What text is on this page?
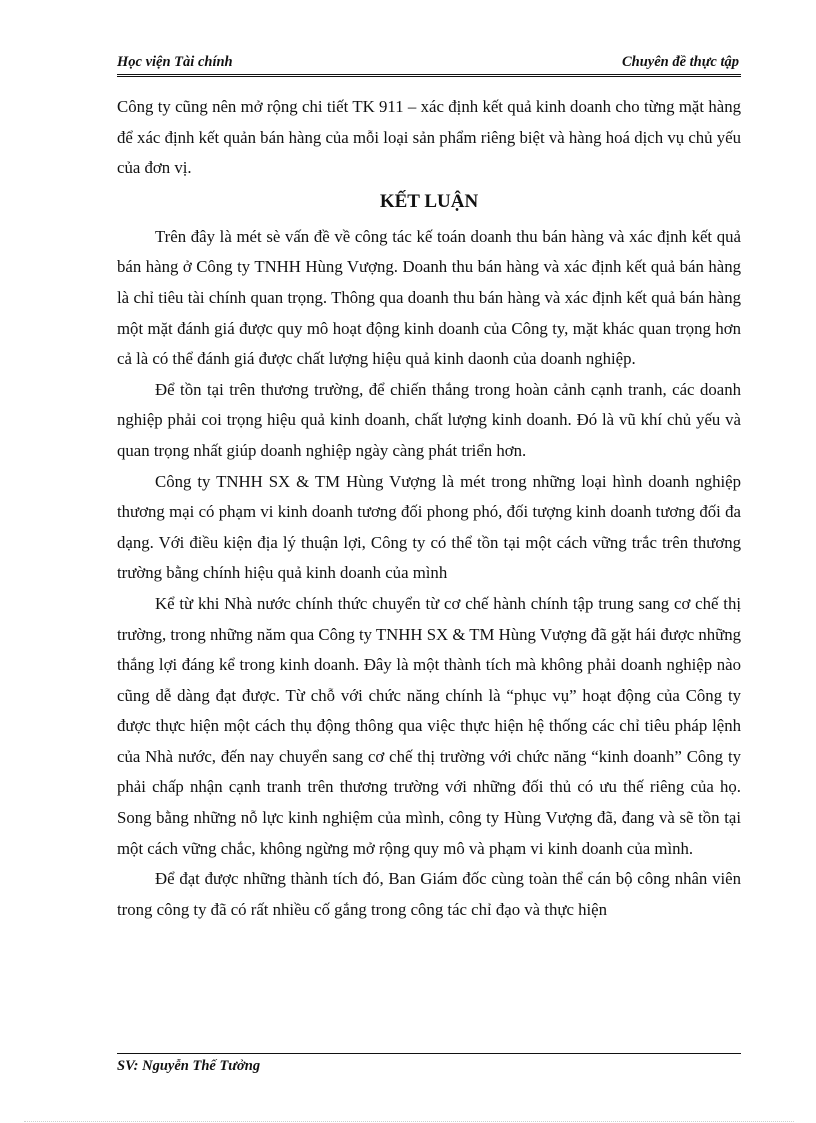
Học viện Tài chính	Chuyên đề thực tập

Công ty cũng nên mở rộng chi tiết TK 911 – xác định kết quả kinh doanh cho từng mặt hàng để xác định kết quản bán hàng của mỗi loại sản phẩm riêng biệt và hàng hoá dịch vụ chủ yếu của đơn vị.

KẾT LUẬN

Trên đây là mét sè vấn đề về công tác kế toán doanh thu bán hàng và xác định kết quả bán hàng ở Công ty TNHH Hùng Vượng. Doanh thu bán hàng và xác định kết quả bán hàng là chỉ tiêu tài chính quan trọng. Thông qua doanh thu bán hàng và xác định kết quả bán hàng một mặt đánh giá được quy mô hoạt động kinh doanh của Công ty, mặt khác quan trọng hơn cả là có thể đánh giá được chất lượng hiệu quả kinh daonh của doanh nghiệp.

Để tồn tại trên thương trường, để chiến thắng trong hoàn cảnh cạnh tranh, các doanh nghiệp phải coi trọng hiệu quả kinh doanh, chất lượng kinh doanh. Đó là vũ khí chủ yếu và quan trọng nhất giúp doanh nghiệp ngày càng phát triển hơn.

Công ty TNHH SX & TM Hùng Vượng là mét trong những loại hình doanh nghiệp thương mại có phạm vi kinh doanh tương đối phong phó, đối tượng kinh doanh tương đối đa dạng. Với điều kiện địa lý thuận lợi, Công ty có thể tồn tại một cách vững trắc trên thương trường bằng chính hiệu quả kinh doanh của mình

Kể từ khi Nhà nước chính thức chuyển từ cơ chế hành chính tập trung sang cơ chế thị trường, trong những năm qua Công ty TNHH SX & TM Hùng Vượng đã gặt hái được những thắng lợi đáng kể trong kinh doanh. Đây là một thành tích mà không phải doanh nghiệp nào cũng dễ dàng đạt được. Từ chỗ với chức năng chính là “phục vụ” hoạt động của Công ty được thực hiện một cách thụ động thông qua việc thực hiện hệ thống các chỉ tiêu pháp lệnh của Nhà nước, đến nay chuyển sang cơ chế thị trường với chức năng “kinh doanh” Công ty phải chấp nhận cạnh tranh trên thương trường với những đối thủ có ưu thế riêng của họ. Song bằng những nỗ lực kinh nghiệm của mình, công ty Hùng Vượng đã, đang và sẽ tồn tại một cách vững chắc, không ngừng mở rộng quy mô và phạm vi kinh doanh của mình.

Để đạt được những thành tích đó, Ban Giám đốc cùng toàn thể cán bộ công nhân viên trong công ty đã có rất nhiều cố gắng trong công tác chỉ đạo và thực hiện

SV: Nguyễn Thế Tưởng
